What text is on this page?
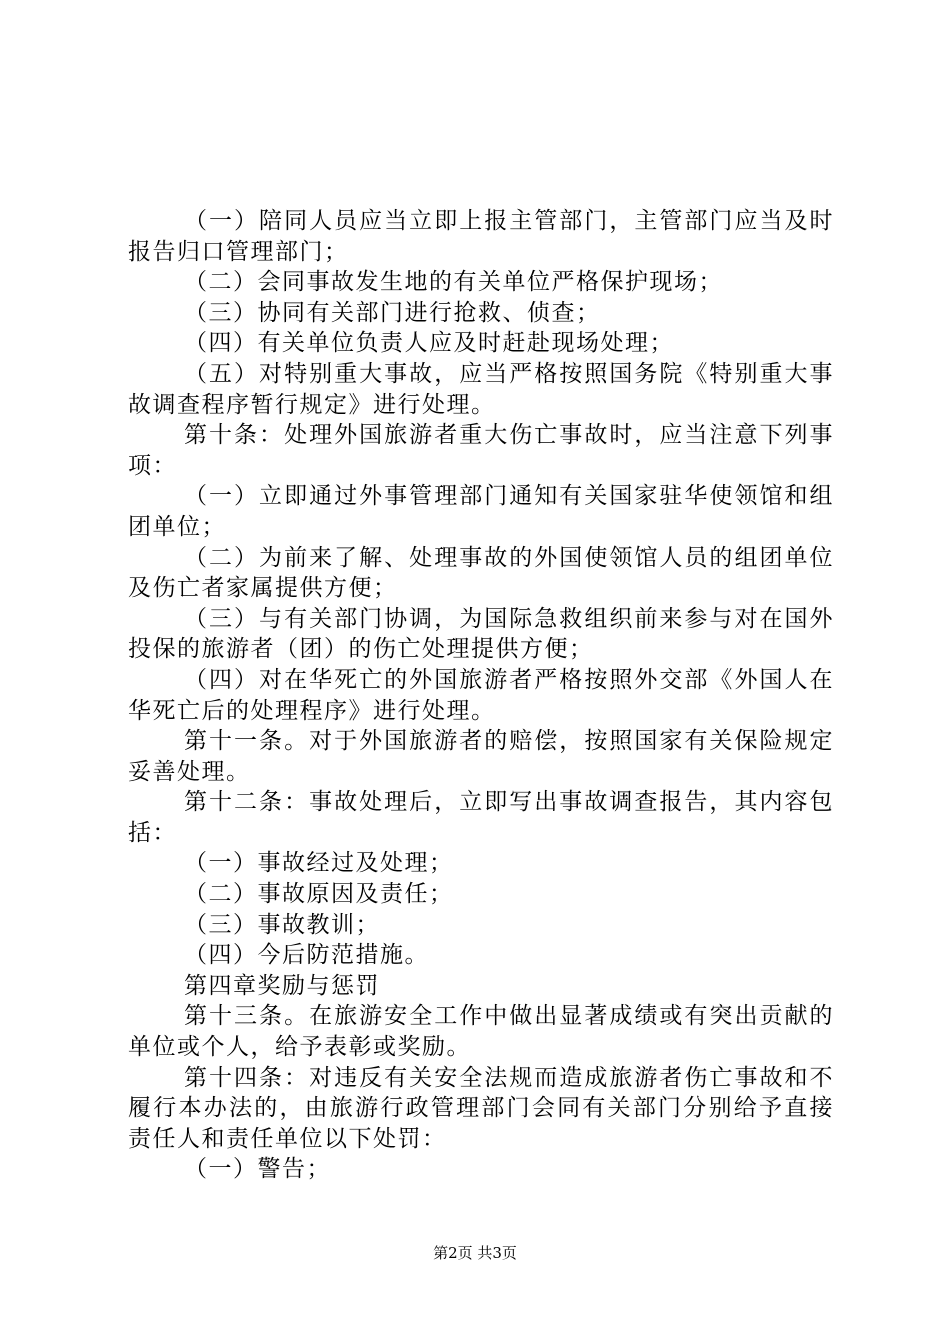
（一）陪同人员应当立即上报主管部门，主管部门应当及时报告归口管理部门；

（二）会同事故发生地的有关单位严格保护现场；

（三）协同有关部门进行抢救、侦查；

（四）有关单位负责人应及时赶赴现场处理；

（五）对特别重大事故，应当严格按照国务院《特别重大事故调查程序暂行规定》进行处理。

第十条：处理外国旅游者重大伤亡事故时，应当注意下列事项：

（一）立即通过外事管理部门通知有关国家驻华使领馆和组团单位；

（二）为前来了解、处理事故的外国使领馆人员的组团单位及伤亡者家属提供方便；

（三）与有关部门协调，为国际急救组织前来参与对在国外投保的旅游者（团）的伤亡处理提供方便；

（四）对在华死亡的外国旅游者严格按照外交部《外国人在华死亡后的处理程序》进行处理。

第十一条。对于外国旅游者的赔偿，按照国家有关保险规定妥善处理。

第十二条：事故处理后，立即写出事故调查报告，其内容包括：

（一）事故经过及处理；

（二）事故原因及责任；

（三）事故教训；

（四）今后防范措施。

第四章奖励与惩罚

第十三条。在旅游安全工作中做出显著成绩或有突出贡献的单位或个人，给予表彰或奖励。

第十四条：对违反有关安全法规而造成旅游者伤亡事故和不履行本办法的，由旅游行政管理部门会同有关部门分别给予直接责任人和责任单位以下处罚：

（一）警告；

第2页 共3页
